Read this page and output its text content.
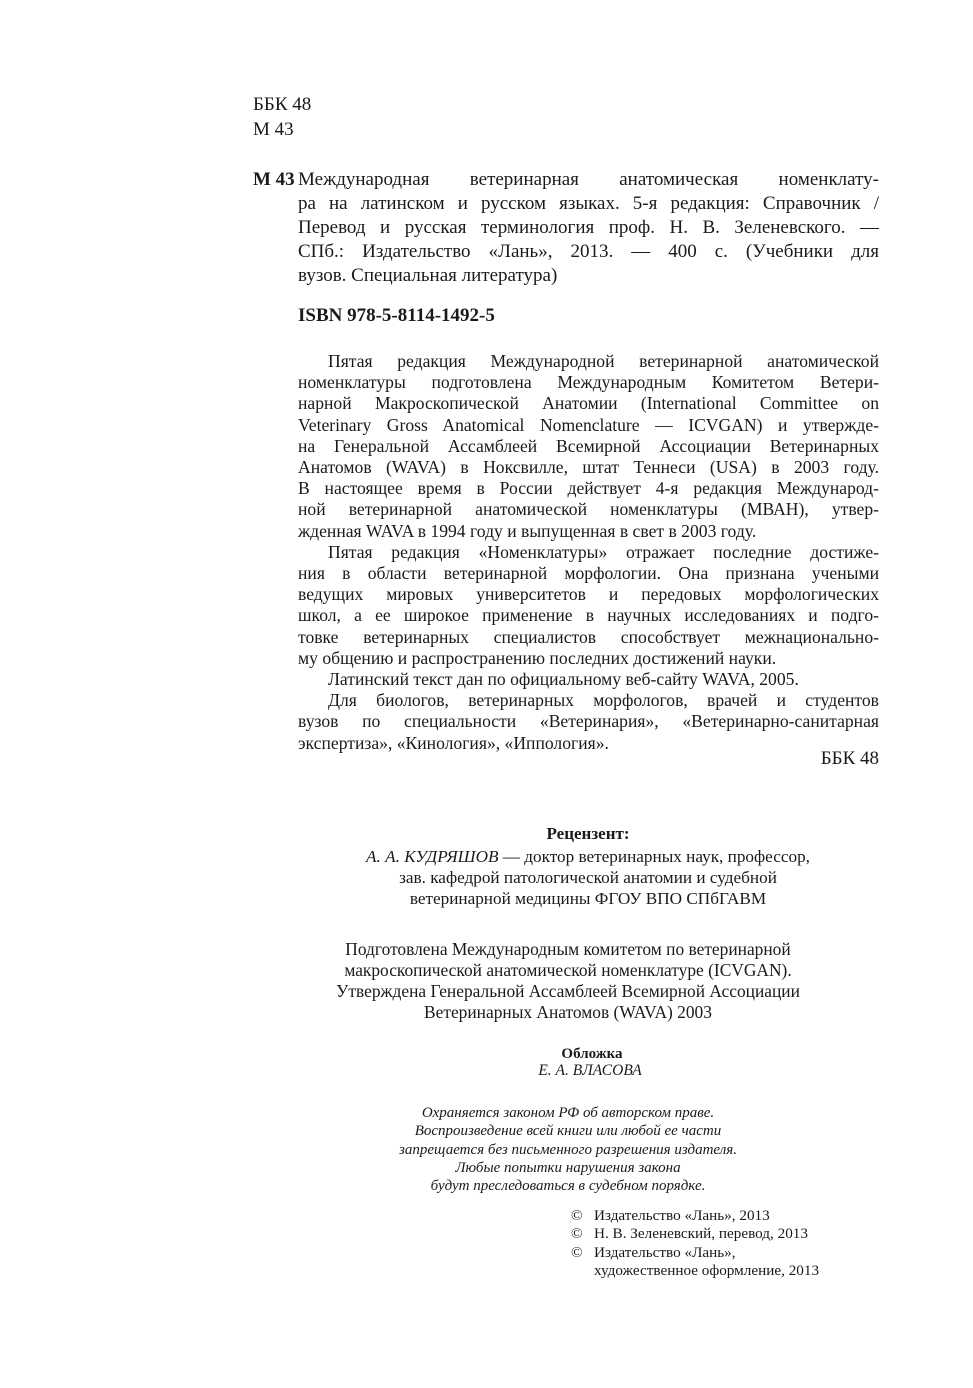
ББК 48
М 43
М 43 Международная ветеринарная анатомическая номенклату-
ра на латинском и русском языках. 5-я редакция: Справочник /
Перевод и русская терминология проф. Н. В. Зеленевского. —
СПб.: Издательство «Лань», 2013. — 400 с. (Учебники для
вузов. Специальная литература)
ISBN 978-5-8114-1492-5
Пятая редакция Международной ветеринарной анатомической
номенклатуры подготовлена Международным Комитетом Ветери-
нарной Макроскопической Анатомии (International Committee on
Veterinary Gross Anatomical Nomenclature — ICVGAN) и утвержде-
на Генеральной Ассамблеей Всемирной Ассоциации Ветеринарных
Анатомов (WAVA) в Ноксвилле, штат Теннеси (USA) в 2003 году.
В настоящее время в России действует 4-я редакция Международ-
ной ветеринарной анатомической номенклатуры (МВАН), утвер-
жденная WAVA в 1994 году и выпущенная в свет в 2003 году.
Пятая редакция «Номенклатуры» отражает последние достиже-
ния в области ветеринарной морфологии. Она признана учеными
ведущих мировых университетов и передовых морфологических
школ, а ее широкое применение в научных исследованиях и подго-
товке ветеринарных специалистов способствует межнационально-
му общению и распространению последних достижений науки.
Латинский текст дан по официальному веб-сайту WAVA, 2005.
Для биологов, ветеринарных морфологов, врачей и студентов
вузов по специальности «Ветеринария», «Ветеринарно-санитарная
экспертиза», «Кинология», «Иппология».
ББК 48
Рецензент:
А. А. КУДРЯШОВ — доктор ветеринарных наук, профессор,
зав. кафедрой патологической анатомии и судебной
ветеринарной медицины ФГОУ ВПО СПбГАВМ
Подготовлена Международным комитетом по ветеринарной
макроскопической анатомической номенклатуре (ICVGAN).
Утверждена Генеральной Ассамблеей Всемирной Ассоциации
Ветеринарных Анатомов (WAVA) 2003
Обложка
Е. А. ВЛАСОВА
Охраняется законом РФ об авторском праве.
Воспроизведение всей книги или любой ее части
запрещается без письменного разрешения издателя.
Любые попытки нарушения закона
будут преследоваться в судебном порядке.
© Издательство «Лань», 2013
© Н. В. Зеленевский, перевод, 2013
© Издательство «Лань»,
художественное оформление, 2013
